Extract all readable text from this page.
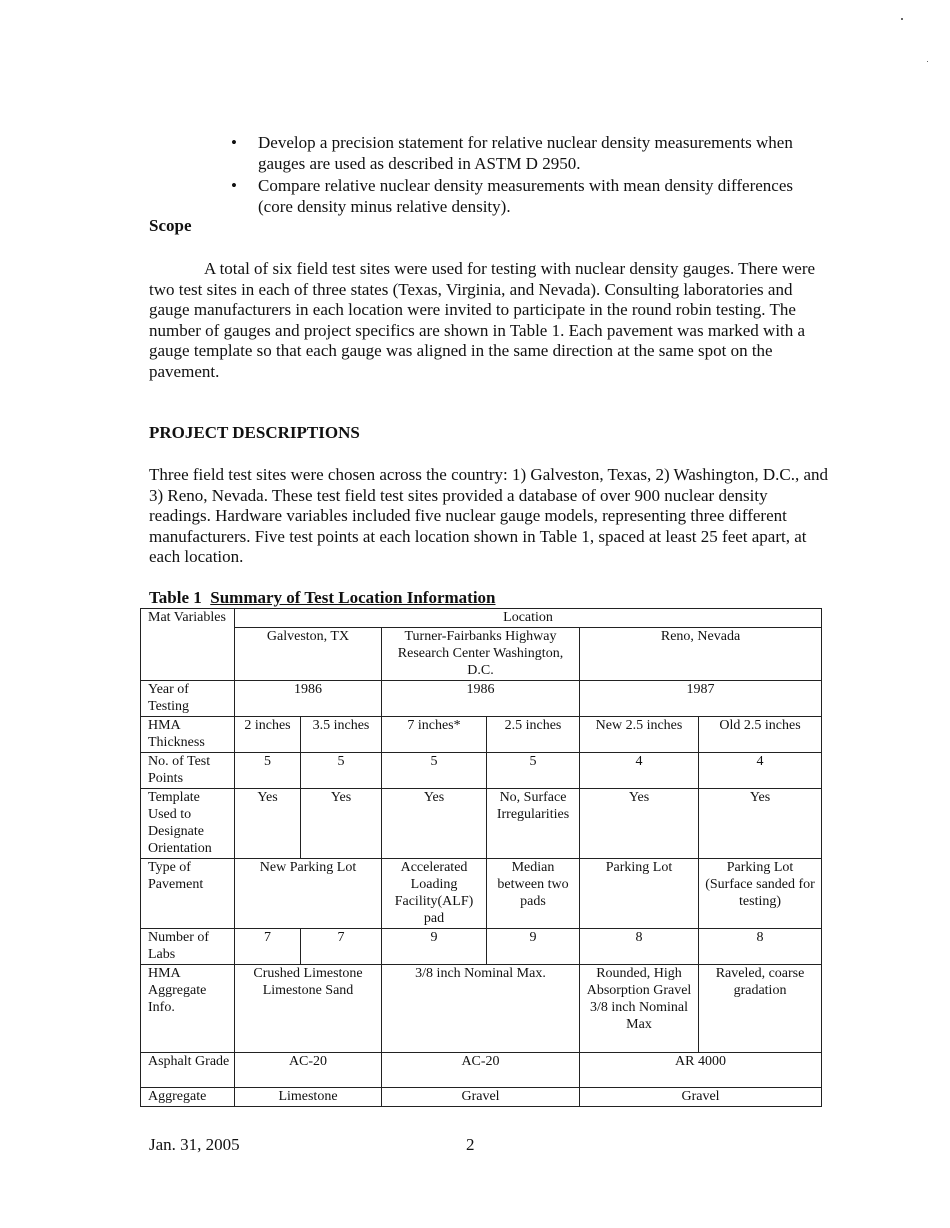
• Develop a precision statement for relative nuclear density measurements when gauges are used as described in ASTM D 2950.
• Compare relative nuclear density measurements with mean density differences (core density minus relative density).
Scope

A total of six field test sites were used for testing with nuclear density gauges. There were two test sites in each of three states (Texas, Virginia, and Nevada). Consulting laboratories and gauge manufacturers in each location were invited to participate in the round robin testing. The number of gauges and project specifics are shown in Table 1. Each pavement was marked with a gauge template so that each gauge was aligned in the same direction at the same spot on the pavement.

PROJECT DESCRIPTIONS

Three field test sites were chosen across the country: 1) Galveston, Texas, 2) Washington, D.C., and 3) Reno, Nevada. These test field test sites provided a database of over 900 nuclear density readings. Hardware variables included five nuclear gauge models, representing three different manufacturers. Five test points at each location shown in Table 1, spaced at least 25 feet apart, at each location.

Table 1 Summary of Test Location Information

Mat Variables	Location					
	Galveston, TX		Turner-Fairbanks Highway Research Center Washington, D.C.		Reno, Nevada	
Year of Testing	1986		1986		1987	
HMA Thickness	2 inches	3.5 inches	7 inches*	2.5 inches	New 2.5 inches	Old 2.5 inches
No. of Test Points	5	5	5	5	4	4
Template Used to Designate Orientation	Yes	Yes	Yes	No, Surface Irregularities	Yes	Yes
Type of Pavement	New Parking Lot		Accelerated Loading Facility(ALF) pad	Median between two pads	Parking Lot	Parking Lot (Surface sanded for testing)
Number of Labs	7	7	9	9	8	8
HMA Aggregate Info.	Crushed Limestone Limestone Sand		3/8 inch Nominal Max.		Rounded, High Absorption Gravel 3/8 inch Nominal Max	Raveled, coarse gradation
Asphalt Grade	AC-20		AC-20		AR 4000	
Aggregate	Limestone		Gravel		Gravel	

Jan. 31, 2005	2
